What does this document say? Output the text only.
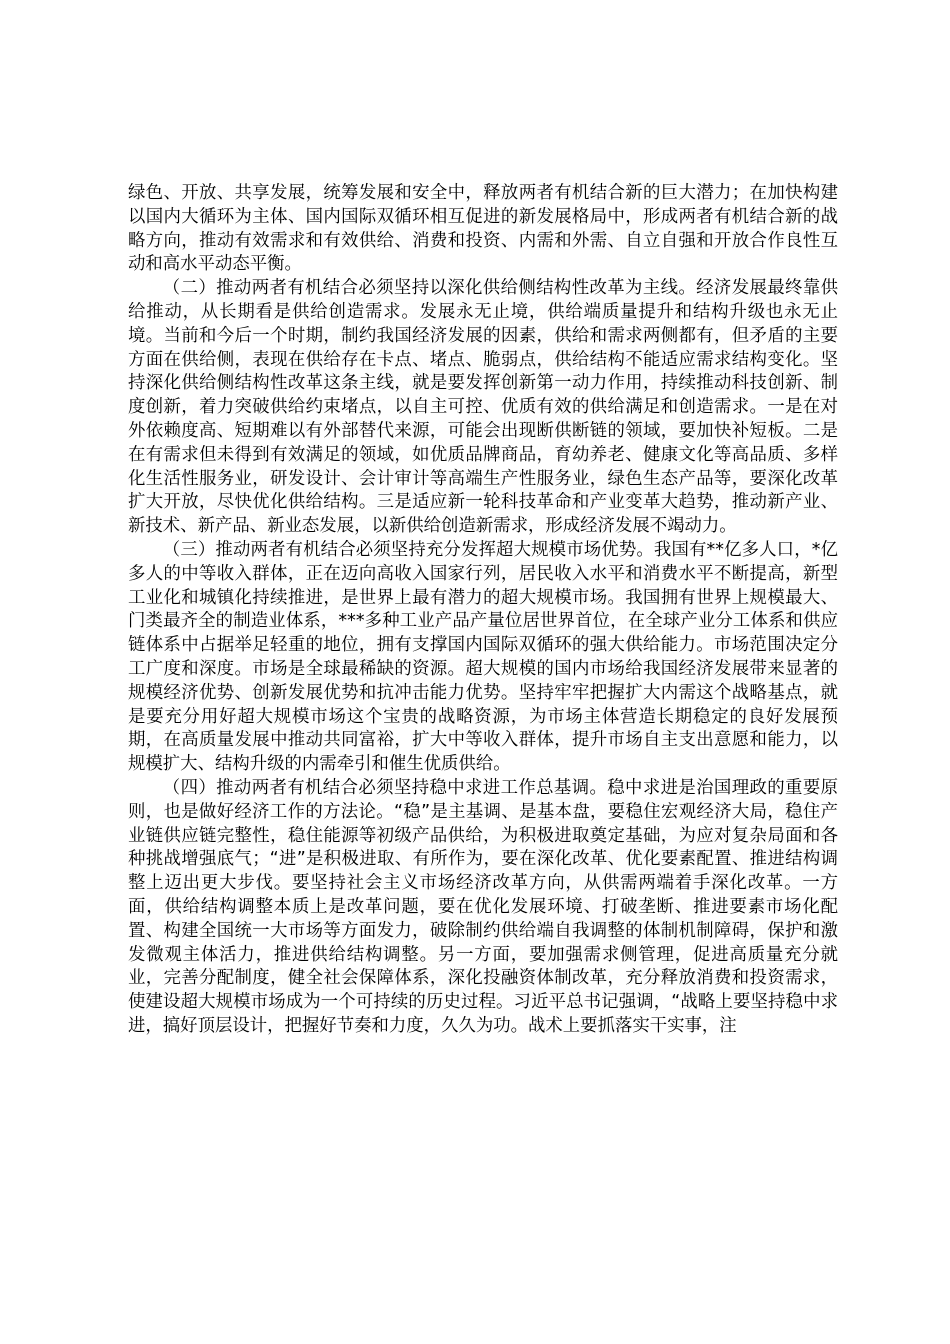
绿色、开放、共享发展，统筹发展和安全中，释放两者有机结合新的巨大潜力；在加快构建以国内大循环为主体、国内国际双循环相互促进的新发展格局中，形成两者有机结合新的战略方向，推动有效需求和有效供给、消费和投资、内需和外需、自立自强和开放合作良性互动和高水平动态平衡。

（二）推动两者有机结合必须坚持以深化供给侧结构性改革为主线。经济发展最终靠供给推动，从长期看是供给创造需求。发展永无止境，供给端质量提升和结构升级也永无止境。当前和今后一个时期，制约我国经济发展的因素，供给和需求两侧都有，但矛盾的主要方面在供给侧，表现在供给存在卡点、堵点、脆弱点，供给结构不能适应需求结构变化。坚持深化供给侧结构性改革这条主线，就是要发挥创新第一动力作用，持续推动科技创新、制度创新，着力突破供给约束堵点，以自主可控、优质有效的供给满足和创造需求。一是在对外依赖度高、短期难以有外部替代来源，可能会出现断供断链的领域，要加快补短板。二是在有需求但未得到有效满足的领域，如优质品牌商品，育幼养老、健康文化等高品质、多样化生活性服务业，研发设计、会计审计等高端生产性服务业，绿色生态产品等，要深化改革扩大开放，尽快优化供给结构。三是适应新一轮科技革命和产业变革大趋势，推动新产业、新技术、新产品、新业态发展，以新供给创造新需求，形成经济发展不竭动力。

（三）推动两者有机结合必须坚持充分发挥超大规模市场优势。我国有**亿多人口，*亿多人的中等收入群体，正在迈向高收入国家行列，居民收入水平和消费水平不断提高，新型工业化和城镇化持续推进，是世界上最有潜力的超大规模市场。我国拥有世界上规模最大、门类最齐全的制造业体系，***多种工业产品产量位居世界首位，在全球产业分工体系和供应链体系中占据举足轻重的地位，拥有支撑国内国际双循环的强大供给能力。市场范围决定分工广度和深度。市场是全球最稀缺的资源。超大规模的国内市场给我国经济发展带来显著的规模经济优势、创新发展优势和抗冲击能力优势。坚持牢牢把握扩大内需这个战略基点，就是要充分用好超大规模市场这个宝贵的战略资源，为市场主体营造长期稳定的良好发展预期，在高质量发展中推动共同富裕，扩大中等收入群体，提升市场自主支出意愿和能力，以规模扩大、结构升级的内需牵引和催生优质供给。

（四）推动两者有机结合必须坚持稳中求进工作总基调。稳中求进是治国理政的重要原则，也是做好经济工作的方法论。“稳”是主基调、是基本盘，要稳住宏观经济大局，稳住产业链供应链完整性，稳住能源等初级产品供给，为积极进取奠定基础，为应对复杂局面和各种挑战增强底气；“进”是积极进取、有所作为，要在深化改革、优化要素配置、推进结构调整上迈出更大步伐。要坚持社会主义市场经济改革方向，从供需两端着手深化改革。一方面，供给结构调整本质上是改革问题，要在优化发展环境、打破垄断、推进要素市场化配置、构建全国统一大市场等方面发力，破除制约供给端自我调整的体制机制障碍，保护和激发微观主体活力，推进供给结构调整。另一方面，要加强需求侧管理，促进高质量充分就业，完善分配制度，健全社会保障体系，深化投融资体制改革，充分释放消费和投资需求，使建设超大规模市场成为一个可持续的历史过程。习近平总书记强调，“战略上要坚持稳中求进，搞好顶层设计，把握好节奏和力度，久久为功。战术上要抓落实干实事，注
